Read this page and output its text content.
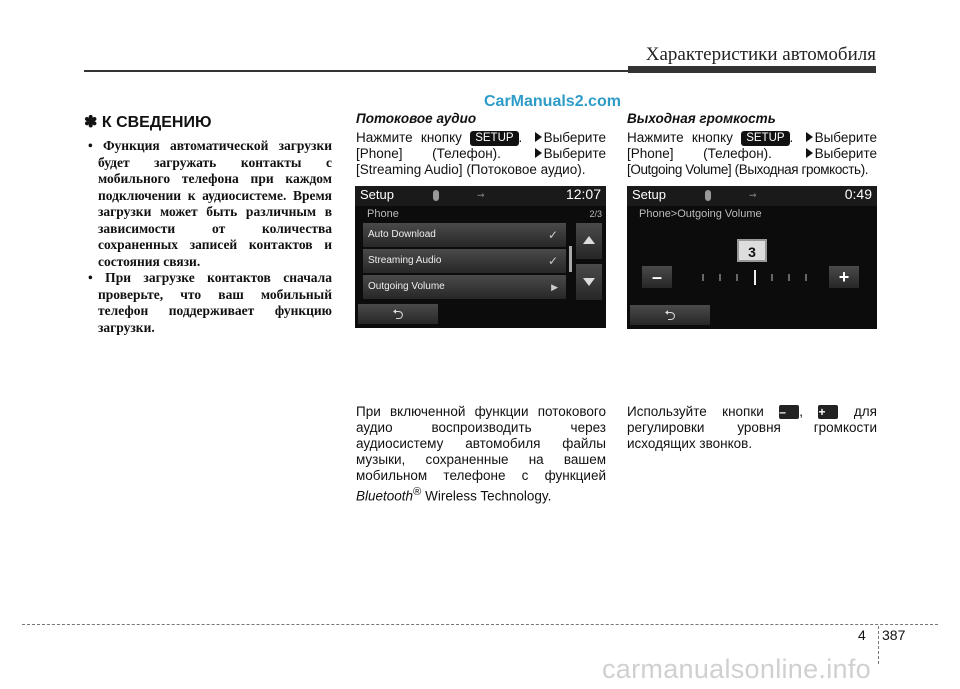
Характеристики автомобиля
CarManuals2.com
✽ К СВЕДЕНИЮ

• Функция автоматической загрузки будет загружать контакты с мобильного телефона при каждом подключении к аудиосистеме. Время загрузки может быть различным в зависимости от количества сохраненных записей контактов и состояния связи.

• При загрузке контактов сначала проверьте, что ваш мобильный телефон поддерживает функцию загрузки.

Потоковое аудио

Нажмите кнопку SETUP . Выберите

[Phone] (Телефон).	Выберите

[Streaming Audio] (Потоковое аудио).

При включенной функции потокового

аудио воспроизводить через

аудиосистему автомобиля файлы

музыки, сохраненные на вашем

мобильном телефоне с функцией

Bluetooth® Wireless Technology.

Выходная громкость

Нажмите кнопку SETUP . Выберите

[Phone] (Телефон).	Выберите

[Outgoing Volume] (Выходная громкость).

Используйте кнопки – , + для

регулировки уровня громкости

исходящих звонков.

Setup	⇾	12:07
Phone	2/3
Auto Download	✓
Streaming Audio	✓
Outgoing Volume	▶
⮌
Setup	⇾	0:49
Phone>Outgoing Volume
3
–	+
⮌
4 387
carmanualsonline.info
